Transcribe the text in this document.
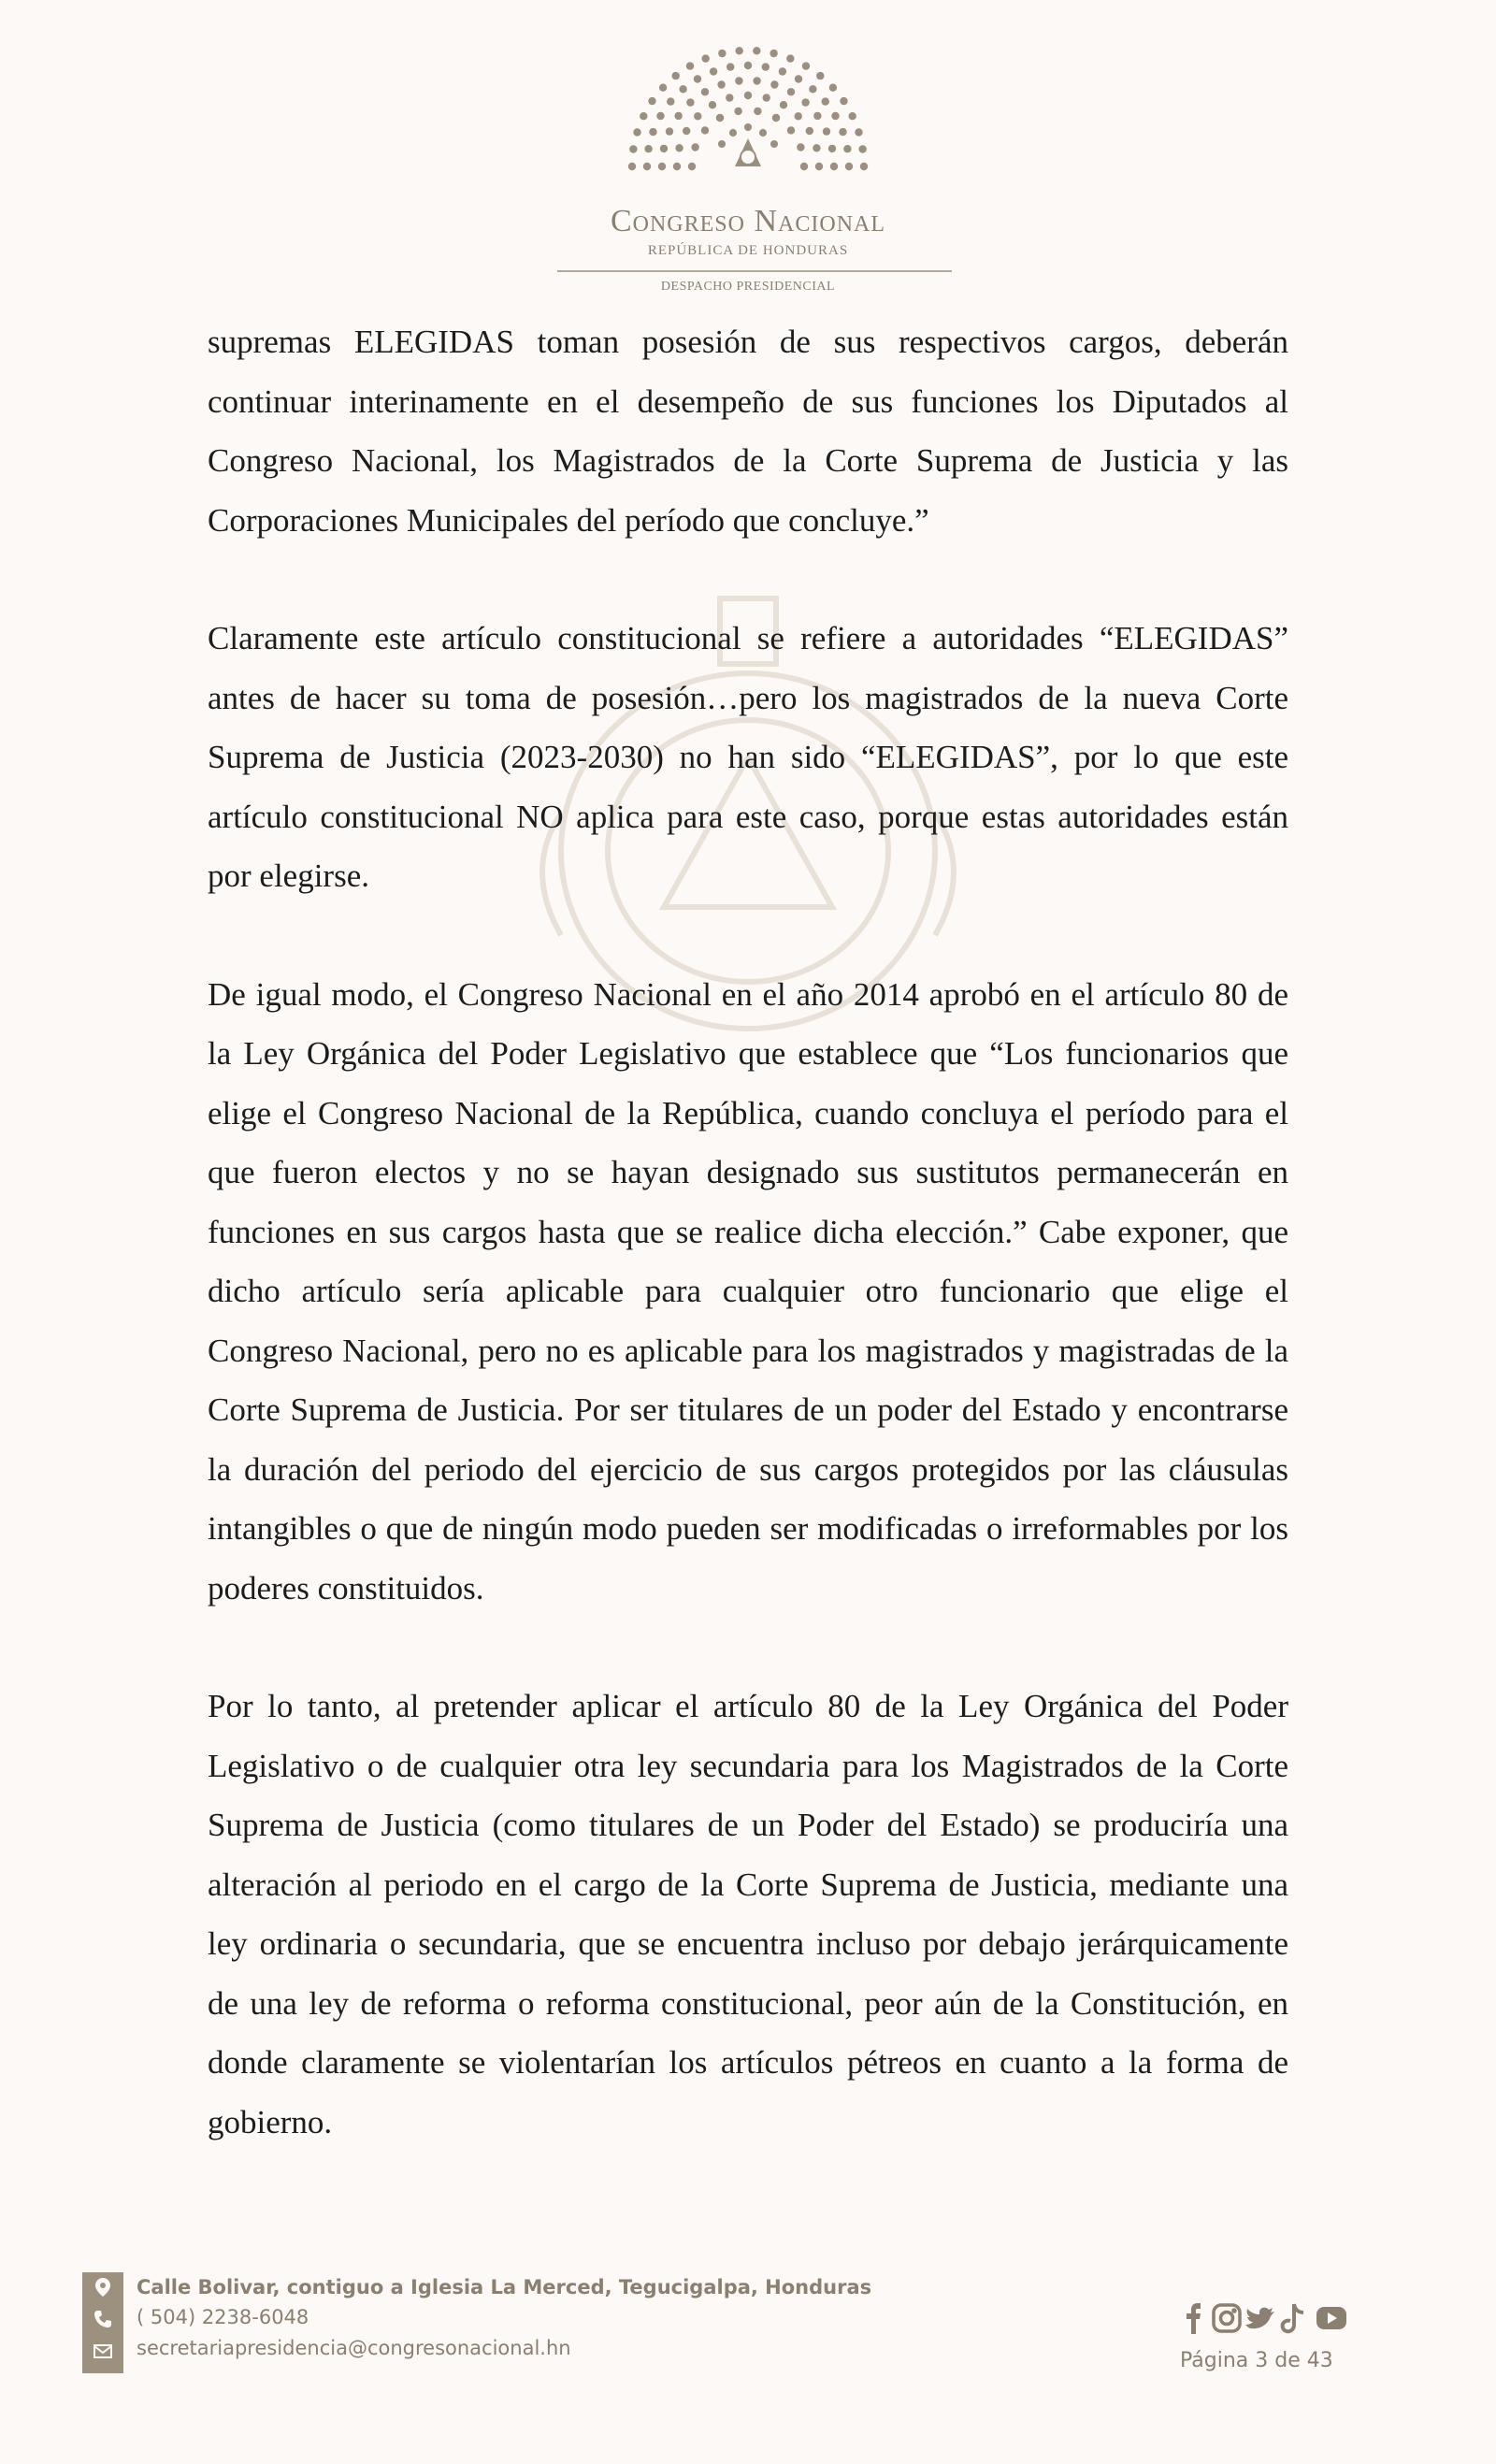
Congreso Nacional
REPÚBLICA DE HONDURAS
DESPACHO PRESIDENCIAL

supremas ELEGIDAS toman posesión de sus respectivos cargos, deberán continuar interinamente en el desempeño de sus funciones los Diputados al Congreso Nacional, los Magistrados de la Corte Suprema de Justicia y las Corporaciones Municipales del período que concluye.”

Claramente este artículo constitucional se refiere a autoridades “ELEGIDAS” antes de hacer su toma de posesión…pero los magistrados de la nueva Corte Suprema de Justicia (2023-2030) no han sido “ELEGIDAS”, por lo que este artículo constitucional NO aplica para este caso, porque estas autoridades están por elegirse.

De igual modo, el Congreso Nacional en el año 2014 aprobó en el artículo 80 de la Ley Orgánica del Poder Legislativo que establece que “Los funcionarios que elige el Congreso Nacional de la República, cuando concluya el período para el que fueron electos y no se hayan designado sus sustitutos permanecerán en funciones en sus cargos hasta que se realice dicha elección.” Cabe exponer, que dicho artículo sería aplicable para cualquier otro funcionario que elige el Congreso Nacional, pero no es aplicable para los magistrados y magistradas de la Corte Suprema de Justicia. Por ser titulares de un poder del Estado y encontrarse la duración del periodo del ejercicio de sus cargos protegidos por las cláusulas intangibles o que de ningún modo pueden ser modificadas o irreformables por los poderes constituidos.

Por lo tanto, al pretender aplicar el artículo 80 de la Ley Orgánica del Poder Legislativo o de cualquier otra ley secundaria para los Magistrados de la Corte Suprema de Justicia (como titulares de un Poder del Estado) se produciría una alteración al periodo en el cargo de la Corte Suprema de Justicia, mediante una ley ordinaria o secundaria, que se encuentra incluso por debajo jerárquicamente de una ley de reforma o reforma constitucional, peor aún de la Constitución, en donde claramente se violentarían los artículos pétreos en cuanto a la forma de gobierno.

Calle Bolivar, contiguo a Iglesia La Merced, Tegucigalpa, Honduras
( 504) 2238-6048
secretariapresidencia@congresonacional.hn
Página 3 de 43
